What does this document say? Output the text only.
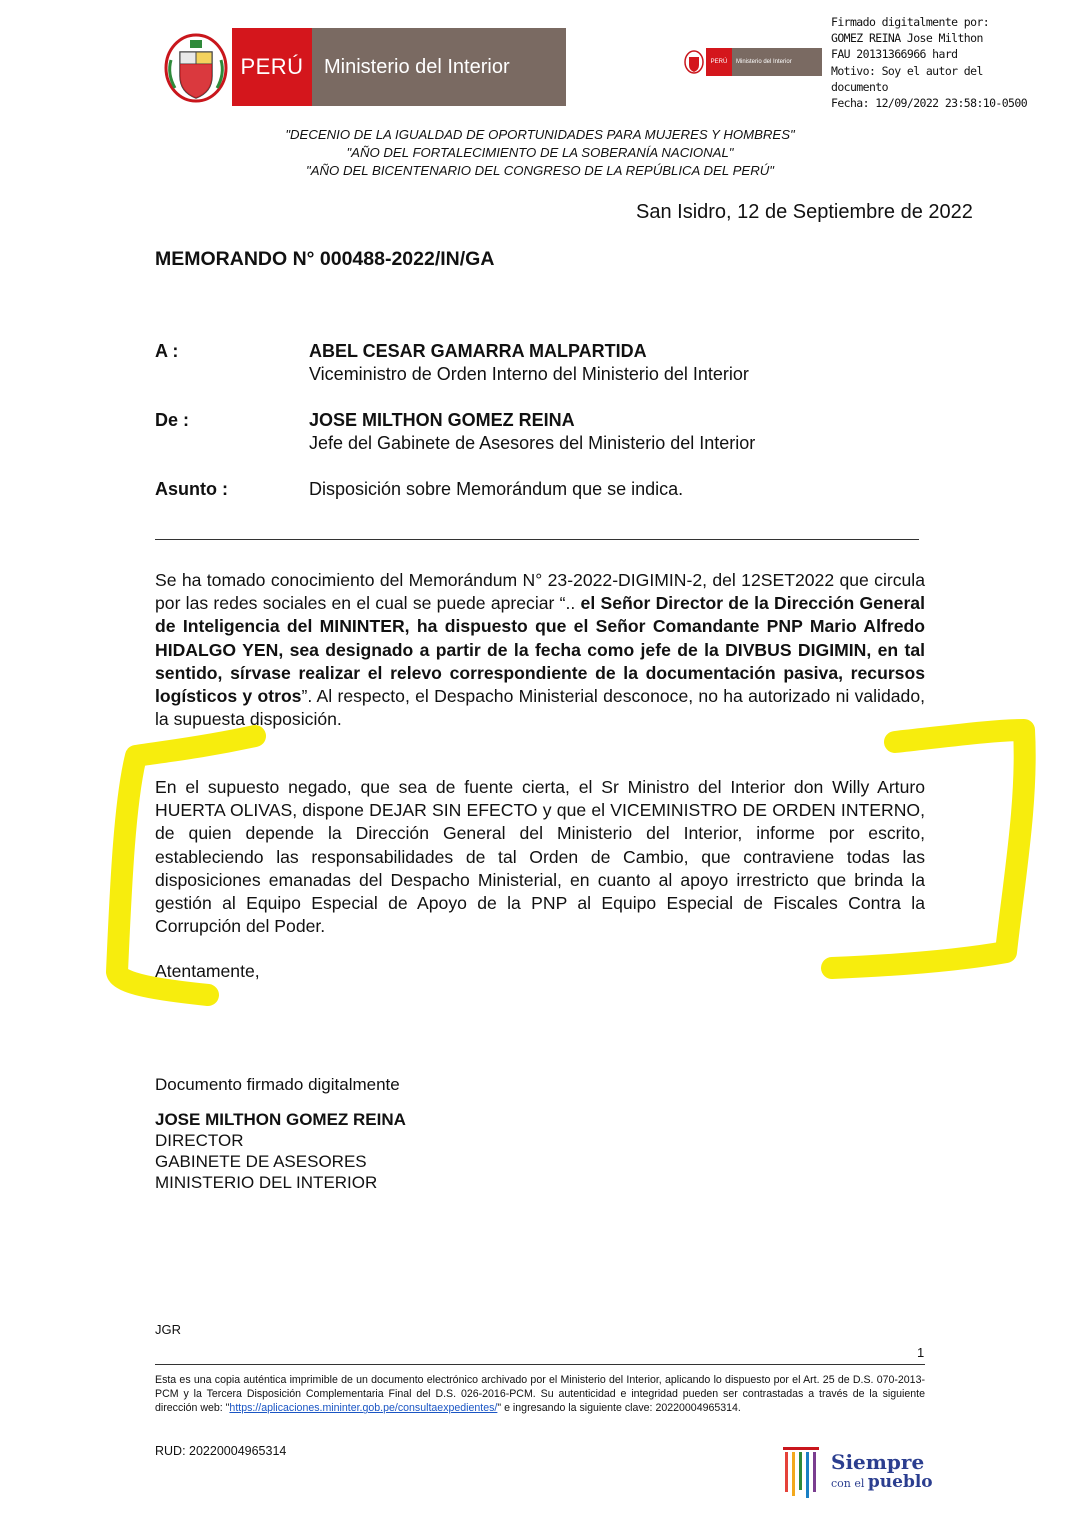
PERÚ	Ministerio del Interior	PERÚ	Ministerio del Interior
Firmado digitalmente por:
GOMEZ REINA Jose Milthon
FAU 20131366966 hard
Motivo: Soy el autor del
documento
Fecha: 12/09/2022 23:58:10-0500
"DECENIO DE LA IGUALDAD DE OPORTUNIDADES PARA MUJERES Y HOMBRES"
"AÑO DEL FORTALECIMIENTO DE LA SOBERANÍA NACIONAL"
"AÑO DEL BICENTENARIO DEL CONGRESO DE LA REPÚBLICA DEL PERÚ"
San Isidro, 12 de Septiembre de 2022
MEMORANDO N° 000488-2022/IN/GA
A :	ABEL CESAR GAMARRA MALPARTIDA
Viceministro de Orden Interno del Ministerio del Interior
De :	JOSE MILTHON GOMEZ REINA
Jefe del Gabinete de Asesores del Ministerio del Interior
Asunto :	Disposición sobre Memorándum que se indica.
Se ha tomado conocimiento del Memorándum N° 23-2022-DIGIMIN-2, del 12SET2022 que circula por las redes sociales en el cual se puede apreciar “.. el Señor Director de la Dirección General de Inteligencia del MININTER, ha dispuesto que el Señor Comandante PNP Mario Alfredo HIDALGO YEN, sea designado a partir de la fecha como jefe de la DIVBUS DIGIMIN, en tal sentido, sírvase realizar el relevo correspondiente de la documentación pasiva, recursos logísticos y otros”. Al respecto, el Despacho Ministerial desconoce, no ha autorizado ni validado, la supuesta disposición.
En el supuesto negado, que sea de fuente cierta, el Sr Ministro del Interior don Willy Arturo HUERTA OLIVAS, dispone DEJAR SIN EFECTO y que el VICEMINISTRO DE ORDEN INTERNO, de quien depende la Dirección General del Ministerio del Interior, informe por escrito, estableciendo las responsabilidades de tal Orden de Cambio, que contraviene todas las disposiciones emanadas del Despacho Ministerial, en cuanto al apoyo irrestricto que brinda la gestión al Equipo Especial de Apoyo de la PNP al Equipo Especial de Fiscales Contra la Corrupción del Poder.
Atentamente,
Documento firmado digitalmente
JOSE MILTHON GOMEZ REINA
DIRECTOR
GABINETE DE ASESORES
MINISTERIO DEL INTERIOR
JGR
1
Esta es una copia auténtica imprimible de un documento electrónico archivado por el Ministerio del Interior, aplicando lo dispuesto por el Art. 25 de D.S. 070-2013-PCM y la Tercera Disposición Complementaria Final del D.S. 026-2016-PCM. Su autenticidad e integridad pueden ser contrastadas a través de la siguiente dirección web: "https://aplicaciones.mininter.gob.pe/consultaexpedientes/" e ingresando la siguiente clave: 20220004965314.
RUD: 20220004965314	Siempre
con el pueblo
